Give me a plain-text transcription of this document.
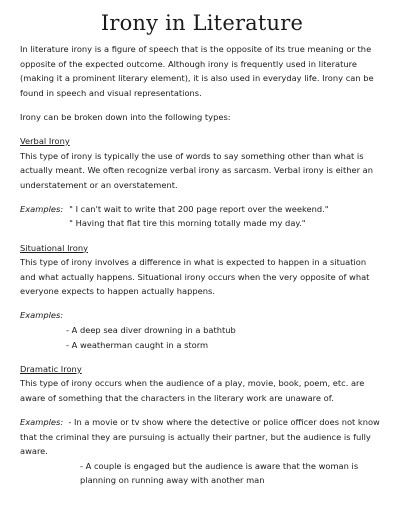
Irony in Literature

In literature irony is a figure of speech that is the opposite of its true meaning or the opposite of the expected outcome. Although irony is frequently used in literature (making it a prominent literary element), it is also used in everyday life. Irony can be found in speech and visual representations.

Irony can be broken down into the following types:

Verbal Irony

This type of irony is typically the use of words to say something other than what is actually meant. We often recognize verbal irony as sarcasm. Verbal irony is either an understatement or an overstatement.

Examples: " I can't wait to write that 200 page report over the weekend."
" Having that flat tire this morning totally made my day."

Situational Irony

This type of irony involves a difference in what is expected to happen in a situation and what actually happens. Situational irony occurs when the very opposite of what everyone expects to happen actually happens.

Examples:

- A deep sea diver drowning in a bathtub

- A weatherman caught in a storm

Dramatic Irony

This type of irony occurs when the audience of a play, movie, book, poem, etc. are aware of something that the characters in the literary work are unaware of.

Examples: - In a movie or tv show where the detective or police officer does not know that the criminal they are pursuing is actually their partner, but the audience is fully aware.

- A couple is engaged but the audience is aware that the woman is planning on running away with another man
